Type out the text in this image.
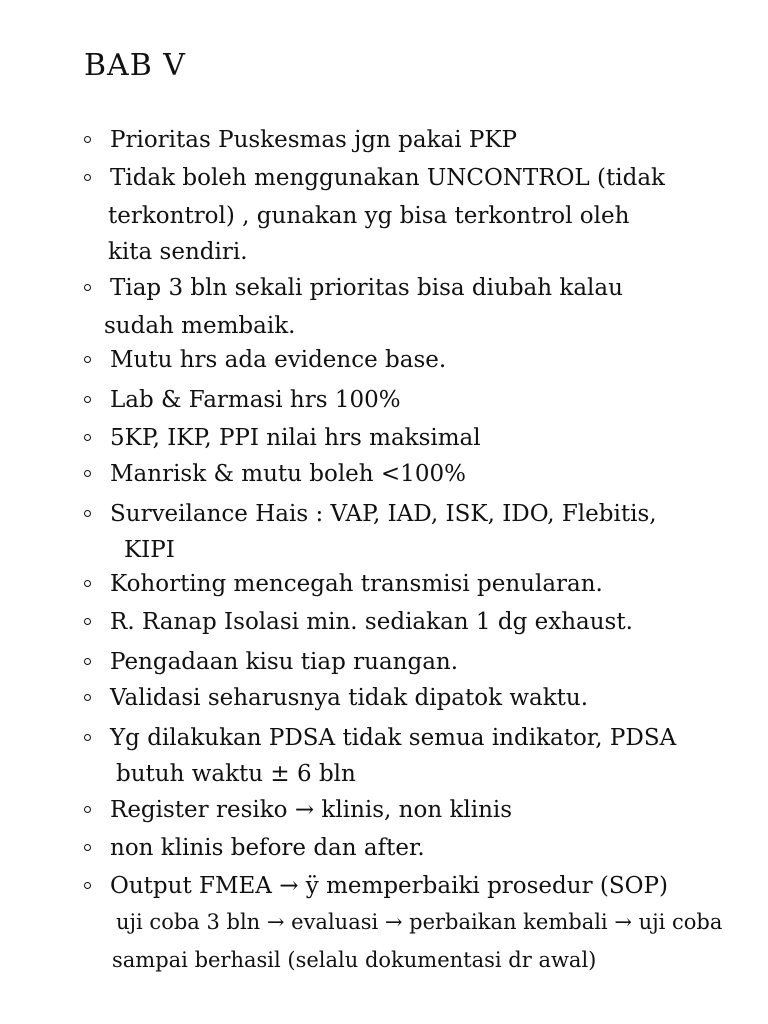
BAB V
Prioritas Puskesmas jgn pakai PKP
Tidak boleh menggunakan UNCONTROL (tidak
terkontrol) , gunakan yg bisa terkontrol oleh
kita sendiri.
Tiap 3 bln sekali prioritas bisa diubah kalau
sudah membaik.
Mutu hrs ada evidence base.
Lab & Farmasi hrs 100%
5KP, IKP, PPI nilai hrs maksimal
Manrisk & mutu boleh <100%
Surveilance Hais : VAP, IAD, ISK, IDO, Flebitis,
KIPI
Kohorting mencegah transmisi penularan.
R. Ranap Isolasi min. sediakan 1 dg exhaust.
Pengadaan kisu tiap ruangan.
Validasi seharusnya tidak dipatok waktu.
Yg dilakukan PDSA tidak semua indikator, PDSA
butuh waktu ± 6 bln
Register resiko → klinis, non klinis
non klinis before dan after.
Output FMEA → ÿ memperbaiki prosedur (SOP)
uji coba 3 bln → evaluasi → perbaikan kembali → uji coba
sampai berhasil (selalu dokumentasi dr awal)
